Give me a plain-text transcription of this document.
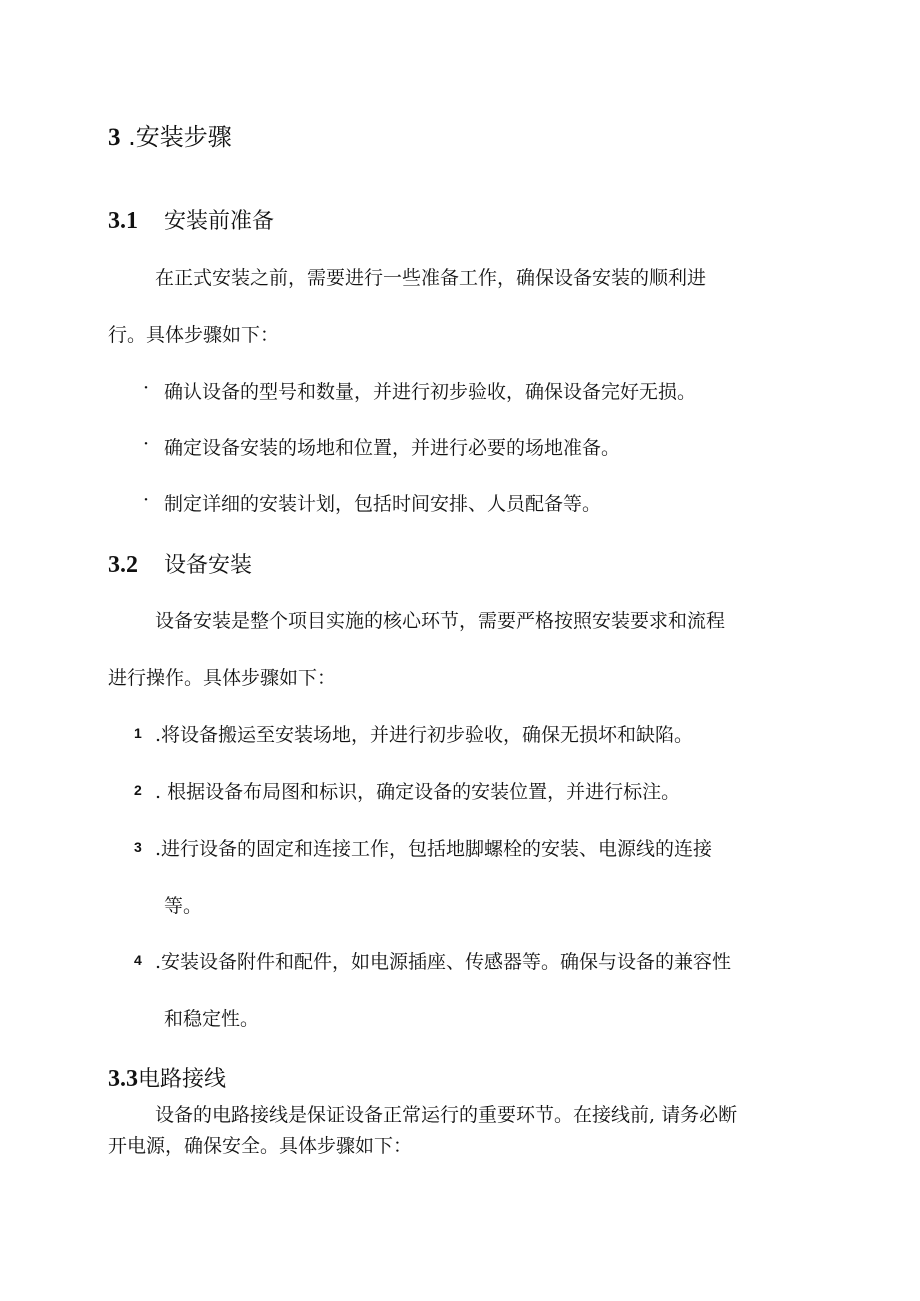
3 .安装步骤
3.1 安装前准备
在正式安装之前，需要进行一些准备工作，确保设备安装的顺利进
行。具体步骤如下：
· 确认设备的型号和数量，并进行初步验收，确保设备完好无损。
· 确定设备安装的场地和位置，并进行必要的场地准备。
· 制定详细的安装计划，包括时间安排、人员配备等。
3.2 设备安装
设备安装是整个项目实施的核心环节，需要严格按照安装要求和流程
进行操作。具体步骤如下：
1 .将设备搬运至安装场地，并进行初步验收，确保无损坏和缺陷。
2 . 根据设备布局图和标识，确定设备的安装位置，并进行标注。
3 .进行设备的固定和连接工作，包括地脚螺栓的安装、电源线的连接
等。
4 .安装设备附件和配件，如电源插座、传感器等。确保与设备的兼容性
和稳定性。
3.3电路接线
设备的电路接线是保证设备正常运行的重要环节。在接线前, 请务必断
开电源，确保安全。具体步骤如下：
